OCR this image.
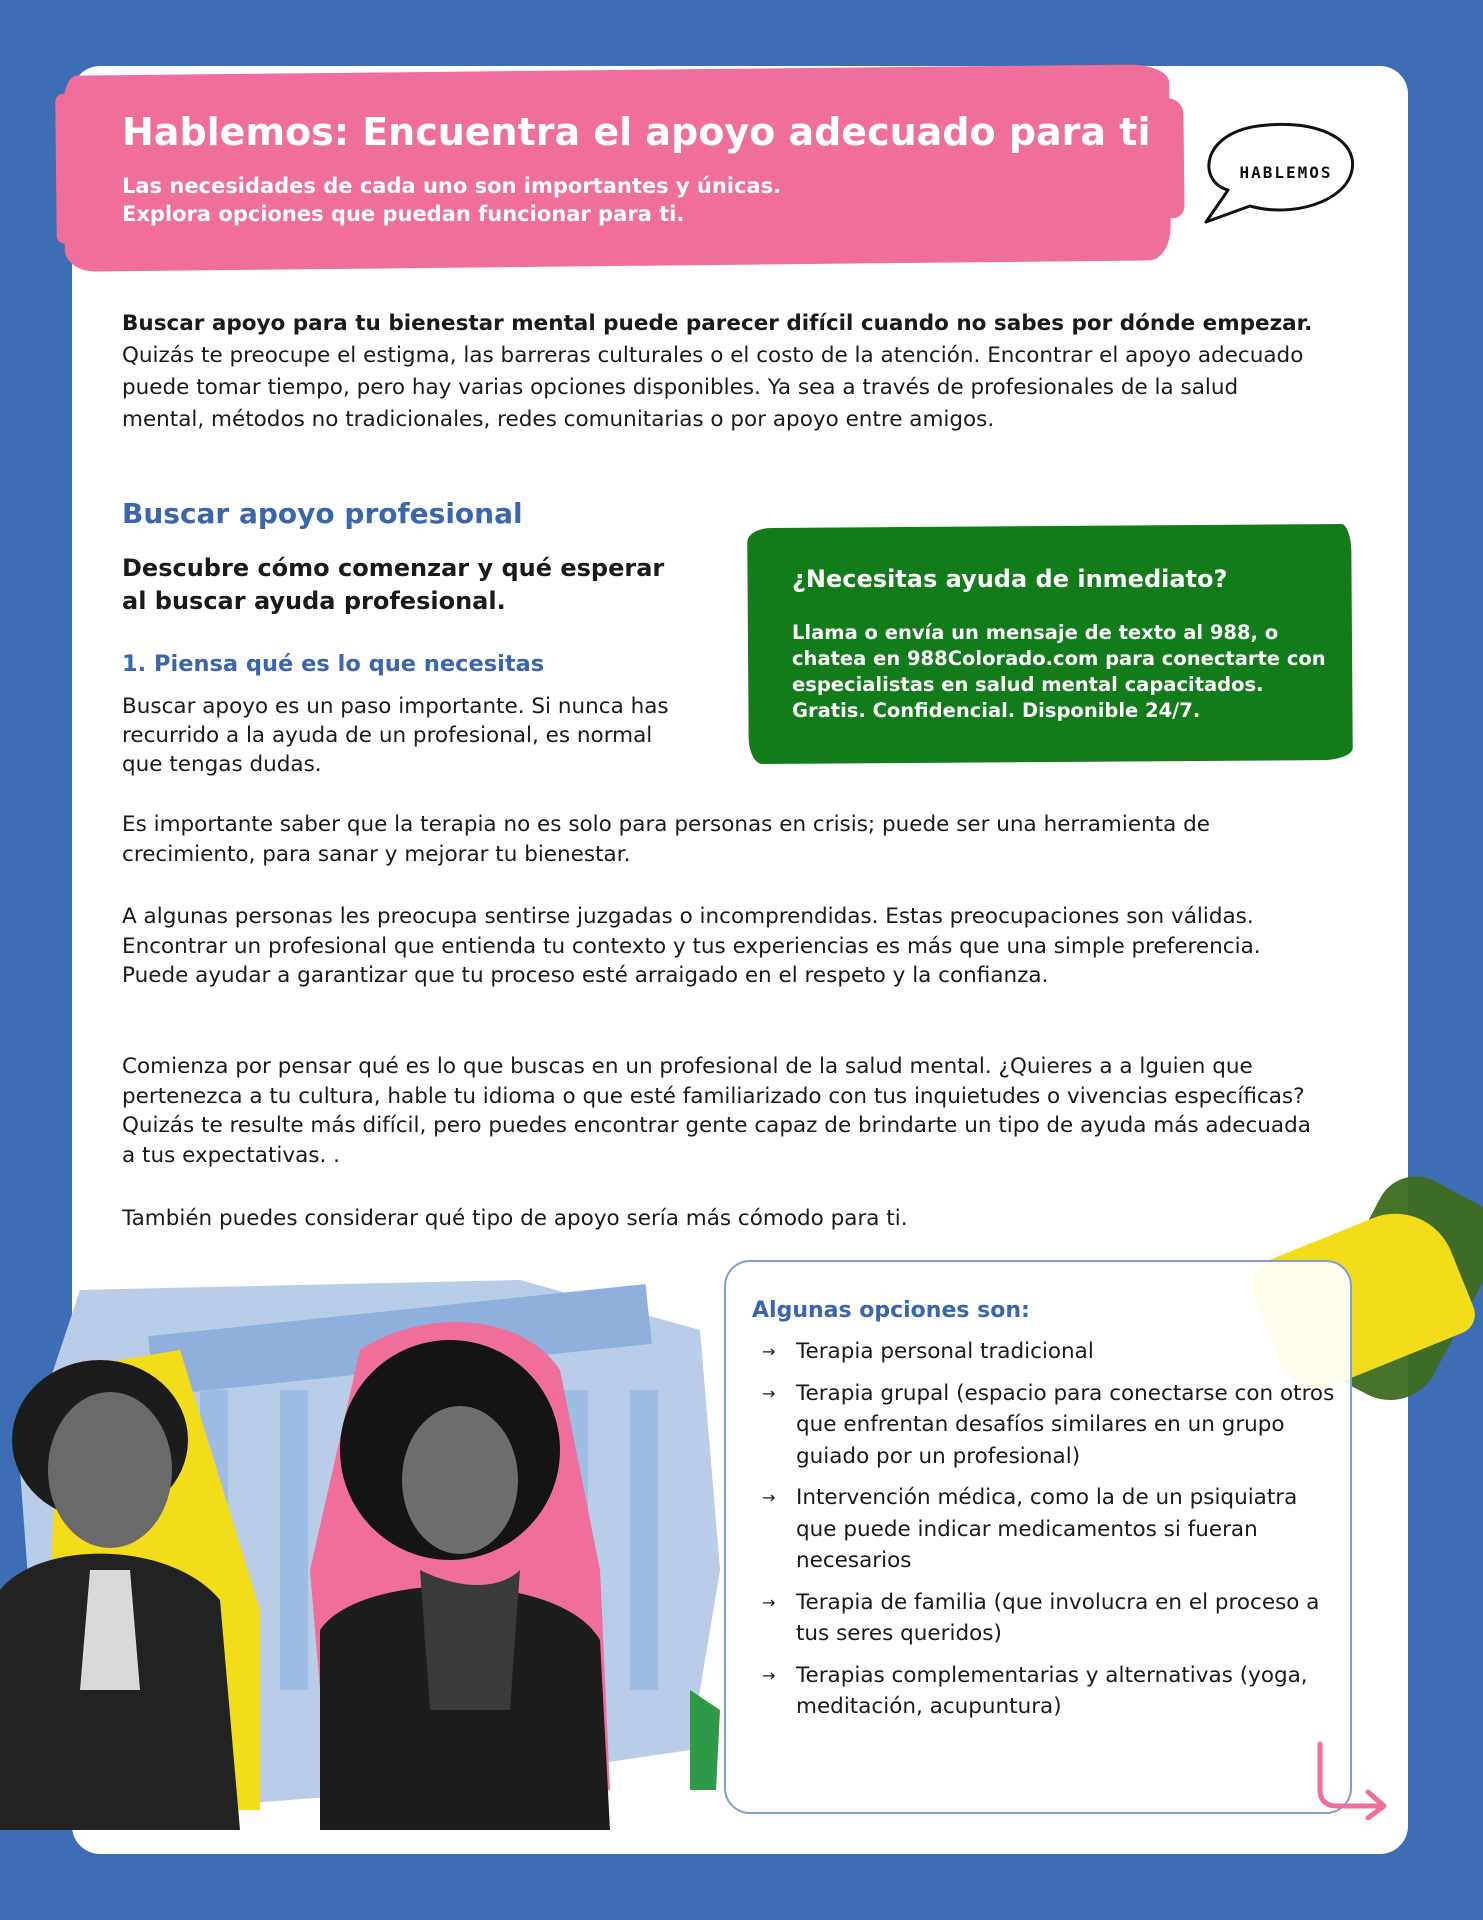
Hablemos: Encuentra el apoyo adecuado para ti
Las necesidades de cada uno son importantes y únicas.
Explora opciones que puedan funcionar para ti.
HABLEMOS

Buscar apoyo para tu bienestar mental puede parecer difícil cuando no sabes por dónde empezar. Quizás te preocupe el estigma, las barreras culturales o el costo de la atención. Encontrar el apoyo adecuado puede tomar tiempo, pero hay varias opciones disponibles. Ya sea a través de profesionales de la salud mental, métodos no tradicionales, redes comunitarias o por apoyo entre amigos.

Buscar apoyo profesional

Descubre cómo comenzar y qué esperar al buscar ayuda profesional.

1. Piensa qué es lo que necesitas

Buscar apoyo es un paso importante. Si nunca has recurrido a la ayuda de un profesional, es normal que tengas dudas.

¿Necesitas ayuda de inmediato?

Llama o envía un mensaje de texto al 988, o chatea en 988Colorado.com para conectarte con especialistas en salud mental capacitados. Gratis. Confidencial. Disponible 24/7.

Es importante saber que la terapia no es solo para personas en crisis; puede ser una herramienta de crecimiento, para sanar y mejorar tu bienestar.

A algunas personas les preocupa sentirse juzgadas o incomprendidas. Estas preocupaciones son válidas. Encontrar un profesional que entienda tu contexto y tus experiencias es más que una simple preferencia. Puede ayudar a garantizar que tu proceso esté arraigado en el respeto y la confianza.

Comienza por pensar qué es lo que buscas en un profesional de la salud mental. ¿Quieres a a lguien que pertenezca a tu cultura, hable tu idioma o que esté familiarizado con tus inquietudes o vivencias específicas? Quizás te resulte más difícil, pero puedes encontrar gente capaz de brindarte un tipo de ayuda más adecuada a tus expectativas. .

También puedes considerar qué tipo de apoyo sería más cómodo para ti.

Algunas opciones son:
→ Terapia personal tradicional
→ Terapia grupal (espacio para conectarse con otros que enfrentan desafíos similares en un grupo guiado por un profesional)
→ Intervención médica, como la de un psiquiatra que puede indicar medicamentos si fueran necesarios
→ Terapia de familia (que involucra en el proceso a tus seres queridos)
→ Terapias complementarias y alternativas (yoga, meditación, acupuntura)
